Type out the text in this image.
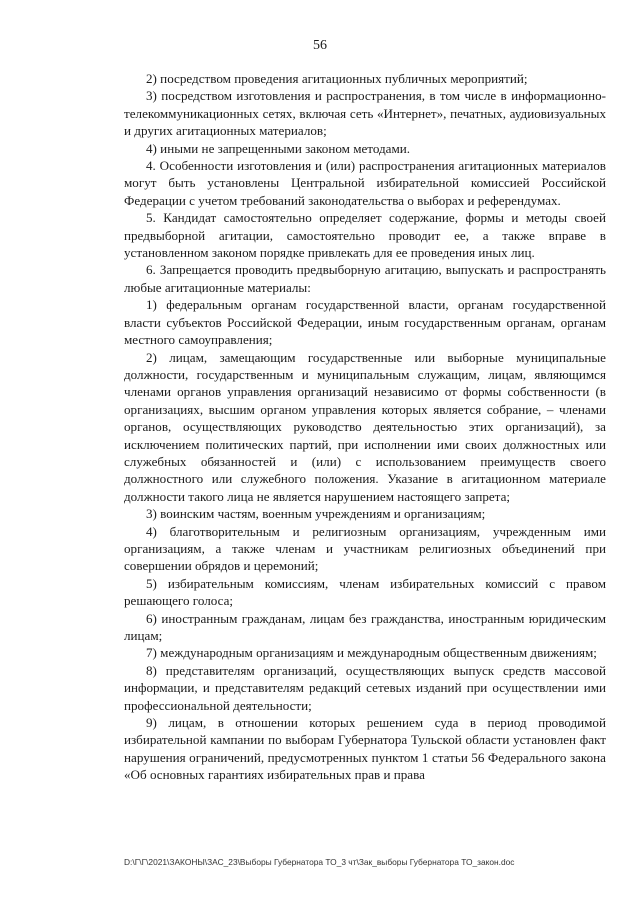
56

2) посредством проведения агитационных публичных мероприятий;

3) посредством изготовления и распространения, в том числе в информационно-телекоммуникационных сетях, включая сеть «Интернет», печатных, аудиовизуальных и других агитационных материалов;

4) иными не запрещенными законом методами.

4. Особенности изготовления и (или) распространения агитационных материалов могут быть установлены Центральной избирательной комиссией Российской Федерации с учетом требований законодательства о выборах и референдумах.

5. Кандидат самостоятельно определяет содержание, формы и методы своей предвыборной агитации, самостоятельно проводит ее, а также вправе в установленном законом порядке привлекать для ее проведения иных лиц.

6. Запрещается проводить предвыборную агитацию, выпускать и распространять любые агитационные материалы:

1) федеральным органам государственной власти, органам государственной власти субъектов Российской Федерации, иным государственным органам, органам местного самоуправления;

2) лицам, замещающим государственные или выборные муниципальные должности, государственным и муниципальным служащим, лицам, являющимся членами органов управления организаций независимо от формы собственности (в организациях, высшим органом управления которых является собрание, – членами органов, осуществляющих руководство деятельностью этих организаций), за исключением политических партий, при исполнении ими своих должностных или служебных обязанностей и (или) с использованием преимуществ своего должностного или служебного положения. Указание в агитационном материале должности такого лица не является нарушением настоящего запрета;

3) воинским частям, военным учреждениям и организациям;

4) благотворительным и религиозным организациям, учрежденным ими организациям, а также членам и участникам религиозных объединений при совершении обрядов и церемоний;

5) избирательным комиссиям, членам избирательных комиссий с правом решающего голоса;

6) иностранным гражданам, лицам без гражданства, иностранным юридическим лицам;

7) международным организациям и международным общественным движениям;

8) представителям организаций, осуществляющих выпуск средств массовой информации, и представителям редакций сетевых изданий при осуществлении ими профессиональной деятельности;

9) лицам, в отношении которых решением суда в период проводимой избирательной кампании по выборам Губернатора Тульской области установлен факт нарушения ограничений, предусмотренных пунктом 1 статьи 56 Федерального закона «Об основных гарантиях избирательных прав и права

D:\Г\Г\2021\ЗАКОНЫ\ЗАС_23\Выборы Губернатора ТО_3 чт\Зак_выборы Губернатора ТО_закон.doc
